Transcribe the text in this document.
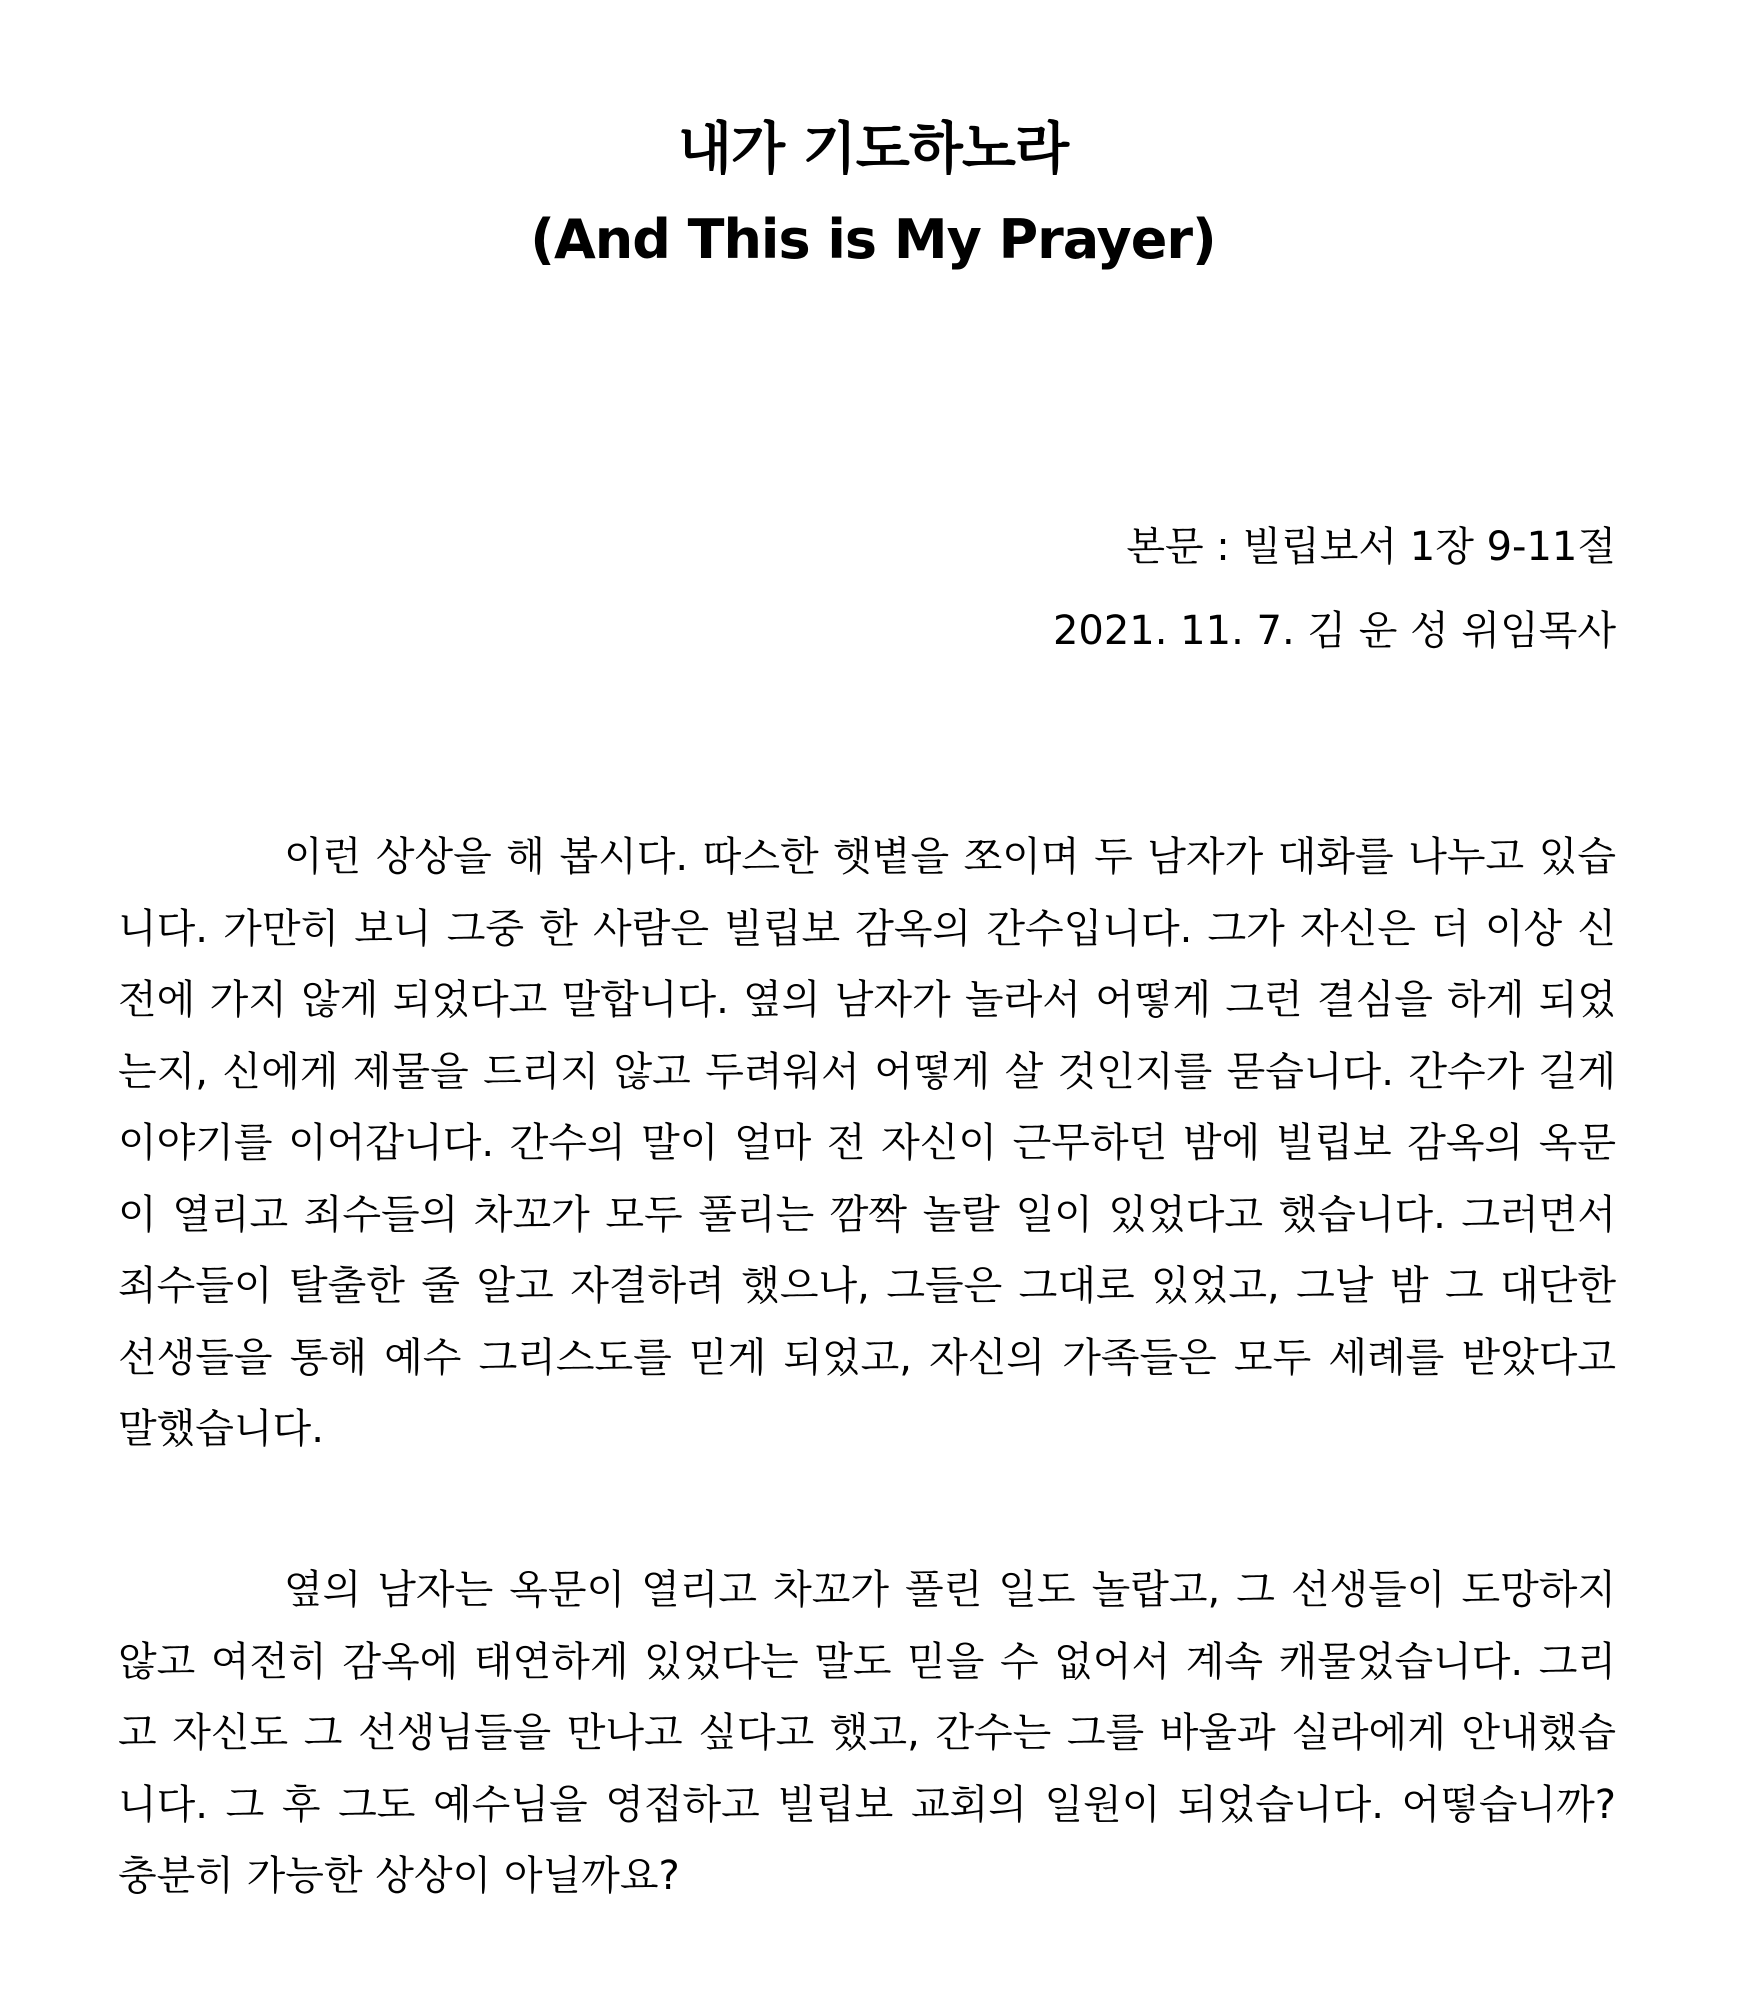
내가 기도하노라
(And This is My Prayer)
본문 : 빌립보서 1장 9-11절
2021. 11. 7. 김 운 성 위임목사

이런 상상을 해 봅시다. 따스한 햇볕을 쪼이며 두 남자가 대화를 나누고 있습니다. 가만히 보니 그중 한 사람은 빌립보 감옥의 간수입니다. 그가 자신은 더 이상 신전에 가지 않게 되었다고 말합니다. 옆의 남자가 놀라서 어떻게 그런 결심을 하게 되었는지, 신에게 제물을 드리지 않고 두려워서 어떻게 살 것인지를 묻습니다. 간수가 길게 이야기를 이어갑니다. 간수의 말이 얼마 전 자신이 근무하던 밤에 빌립보 감옥의 옥문이 열리고 죄수들의 차꼬가 모두 풀리는 깜짝 놀랄 일이 있었다고 했습니다. 그러면서 죄수들이 탈출한 줄 알고 자결하려 했으나, 그들은 그대로 있었고, 그날 밤 그 대단한 선생들을 통해 예수 그리스도를 믿게 되었고, 자신의 가족들은 모두 세례를 받았다고 말했습니다.

옆의 남자는 옥문이 열리고 차꼬가 풀린 일도 놀랍고, 그 선생들이 도망하지 않고 여전히 감옥에 태연하게 있었다는 말도 믿을 수 없어서 계속 캐물었습니다. 그리고 자신도 그 선생님들을 만나고 싶다고 했고, 간수는 그를 바울과 실라에게 안내했습니다. 그 후 그도 예수님을 영접하고 빌립보 교회의 일원이 되었습니다. 어떻습니까? 충분히 가능한 상상이 아닐까요?
